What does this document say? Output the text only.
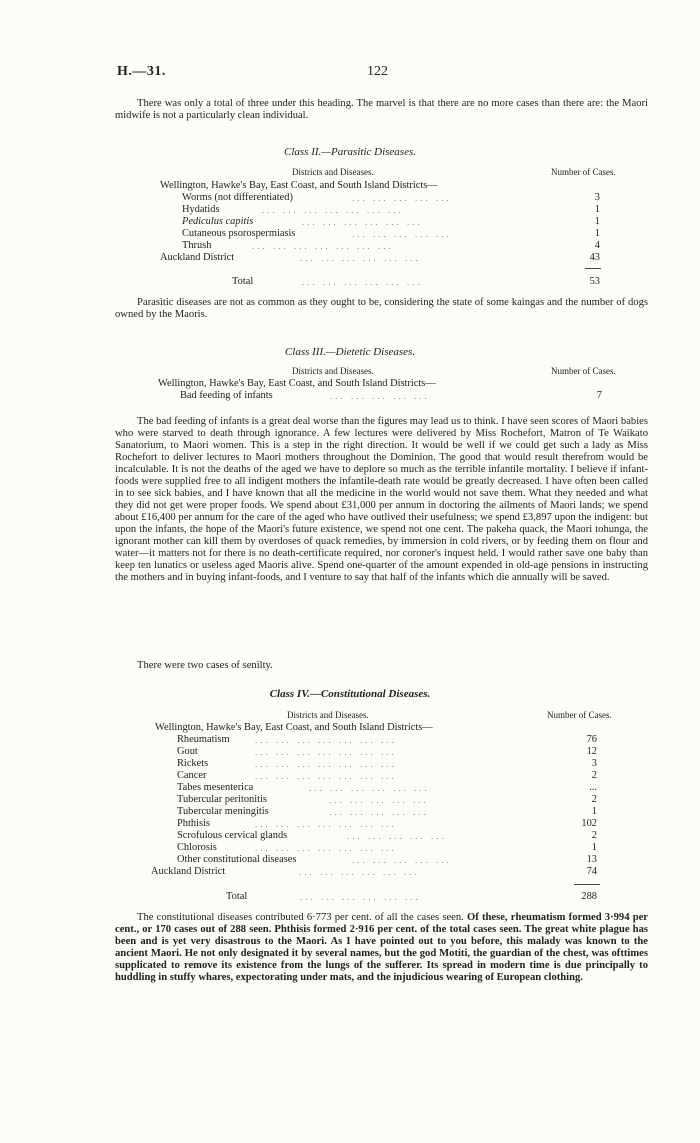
H.—31.	122

There was only a total of three under this heading. The marvel is that there are no more cases than there are: the Maori midwife is not a particularly clean individual.

Class II.—Parasitic Diseases.
Districts and Diseases.	Number of Cases.
Wellington, Hawke's Bay, East Coast, and South Island Districts—
Worms (not differentiated)	... ... ... ... ...	3
Hydatids	... ... ... ... ... ... ...	1
Pediculus capitis	... ... ... ... ... ...	1
Cutaneous psorospermiasis	... ... ... ... ...	1
Thrush	... ... ... ... ... ... ...	4
Auckland District	... ... ... ... ... ...	43
Total	... ... ... ... ... ...	53

Parasitic diseases are not as common as they ought to be, considering the state of some kaingas and the number of dogs owned by the Maoris.

Class III.—Dietetic Diseases.
Districts and Diseases.	Number of Cases.
Wellington, Hawke's Bay, East Coast, and South Island Districts—
Bad feeding of infants	... ... ... ... ...	7

The bad feeding of infants is a great deal worse than the figures may lead us to think. I have seen scores of Maori babies who were starved to death through ignorance. A few lectures were delivered by Miss Rochefort, Matron of Te Waikato Sanatorium, to Maori women. This is a step in the right direction. It would be well if we could get such a lady as Miss Rochefort to deliver lectures to Maori mothers throughout the Dominion. The good that would result therefrom would be incalculable. It is not the deaths of the aged we have to deplore so much as the terrible infantile mortality. I believe if infant-foods were supplied free to all indigent mothers the infantile-death rate would be greatly decreased. I have often been called in to see sick babies, and I have known that all the medicine in the world would not save them. What they needed and what they did not get were proper foods. We spend about £31,000 per annum in doctoring the ailments of Maori lands; we spend about £16,400 per annum for the care of the aged who have outlived their usefulness; we spend £3,897 upon the indigent: but upon the infants, the hope of the Maori's future existence, we spend not one cent. The pakeha quack, the Maori tohunga, the ignorant mother can kill them by overdoses of quack remedies, by immersion in cold rivers, or by feeding them on flour and water—it matters not for there is no death-certificate required, nor coroner's inquest held. I would rather save one baby than keep ten lunatics or useless aged Maoris alive. Spend one-quarter of the amount expended in old-age pensions in instructing the mothers and in buying infant-foods, and I venture to say that half of the infants which die annually will be saved.

There were two cases of senilty.

Class IV.—Constitutional Diseases.
Districts and Diseases.	Number of Cases.
Wellington, Hawke's Bay, East Coast, and South Island Districts—
Rheumatism	... ... ... ... ... ... ...	76
Gout	... ... ... ... ... ... ...	12
Rickets	... ... ... ... ... ... ...	3
Cancer	... ... ... ... ... ... ...	2
Tabes mesenterica	... ... ... ... ... ...	...
Tubercular peritonitis	... ... ... ... ...	2
Tubercular meningitis	... ... ... ... ...	1
Phthisis	... ... ... ... ... ... ...	102
Scrofulous cervical glands	... ... ... ... ...	2
Chlorosis	... ... ... ... ... ... ...	1
Other constitutional diseases	... ... ... ... ...	13
Auckland District	... ... ... ... ... ...	74
Total	... ... ... ... ... ...	288

The constitutional diseases contributed 6·773 per cent. of all the cases seen. Of these, rheumatism formed 3·994 per cent., or 170 cases out of 288 seen. Phthisis formed 2·916 per cent. of the total cases seen. The great white plague has been and is yet very disastrous to the Maori. As I have pointed out to you before, this malady was known to the ancient Maori. He not only designated it by several names, but the god Motiti, the guardian of the chest, was ofttimes supplicated to remove its existence from the lungs of the sufferer. Its spread in modern time is due principally to huddling in stuffy whares, expectorating under mats, and the injudicious wearing of European clothing.
